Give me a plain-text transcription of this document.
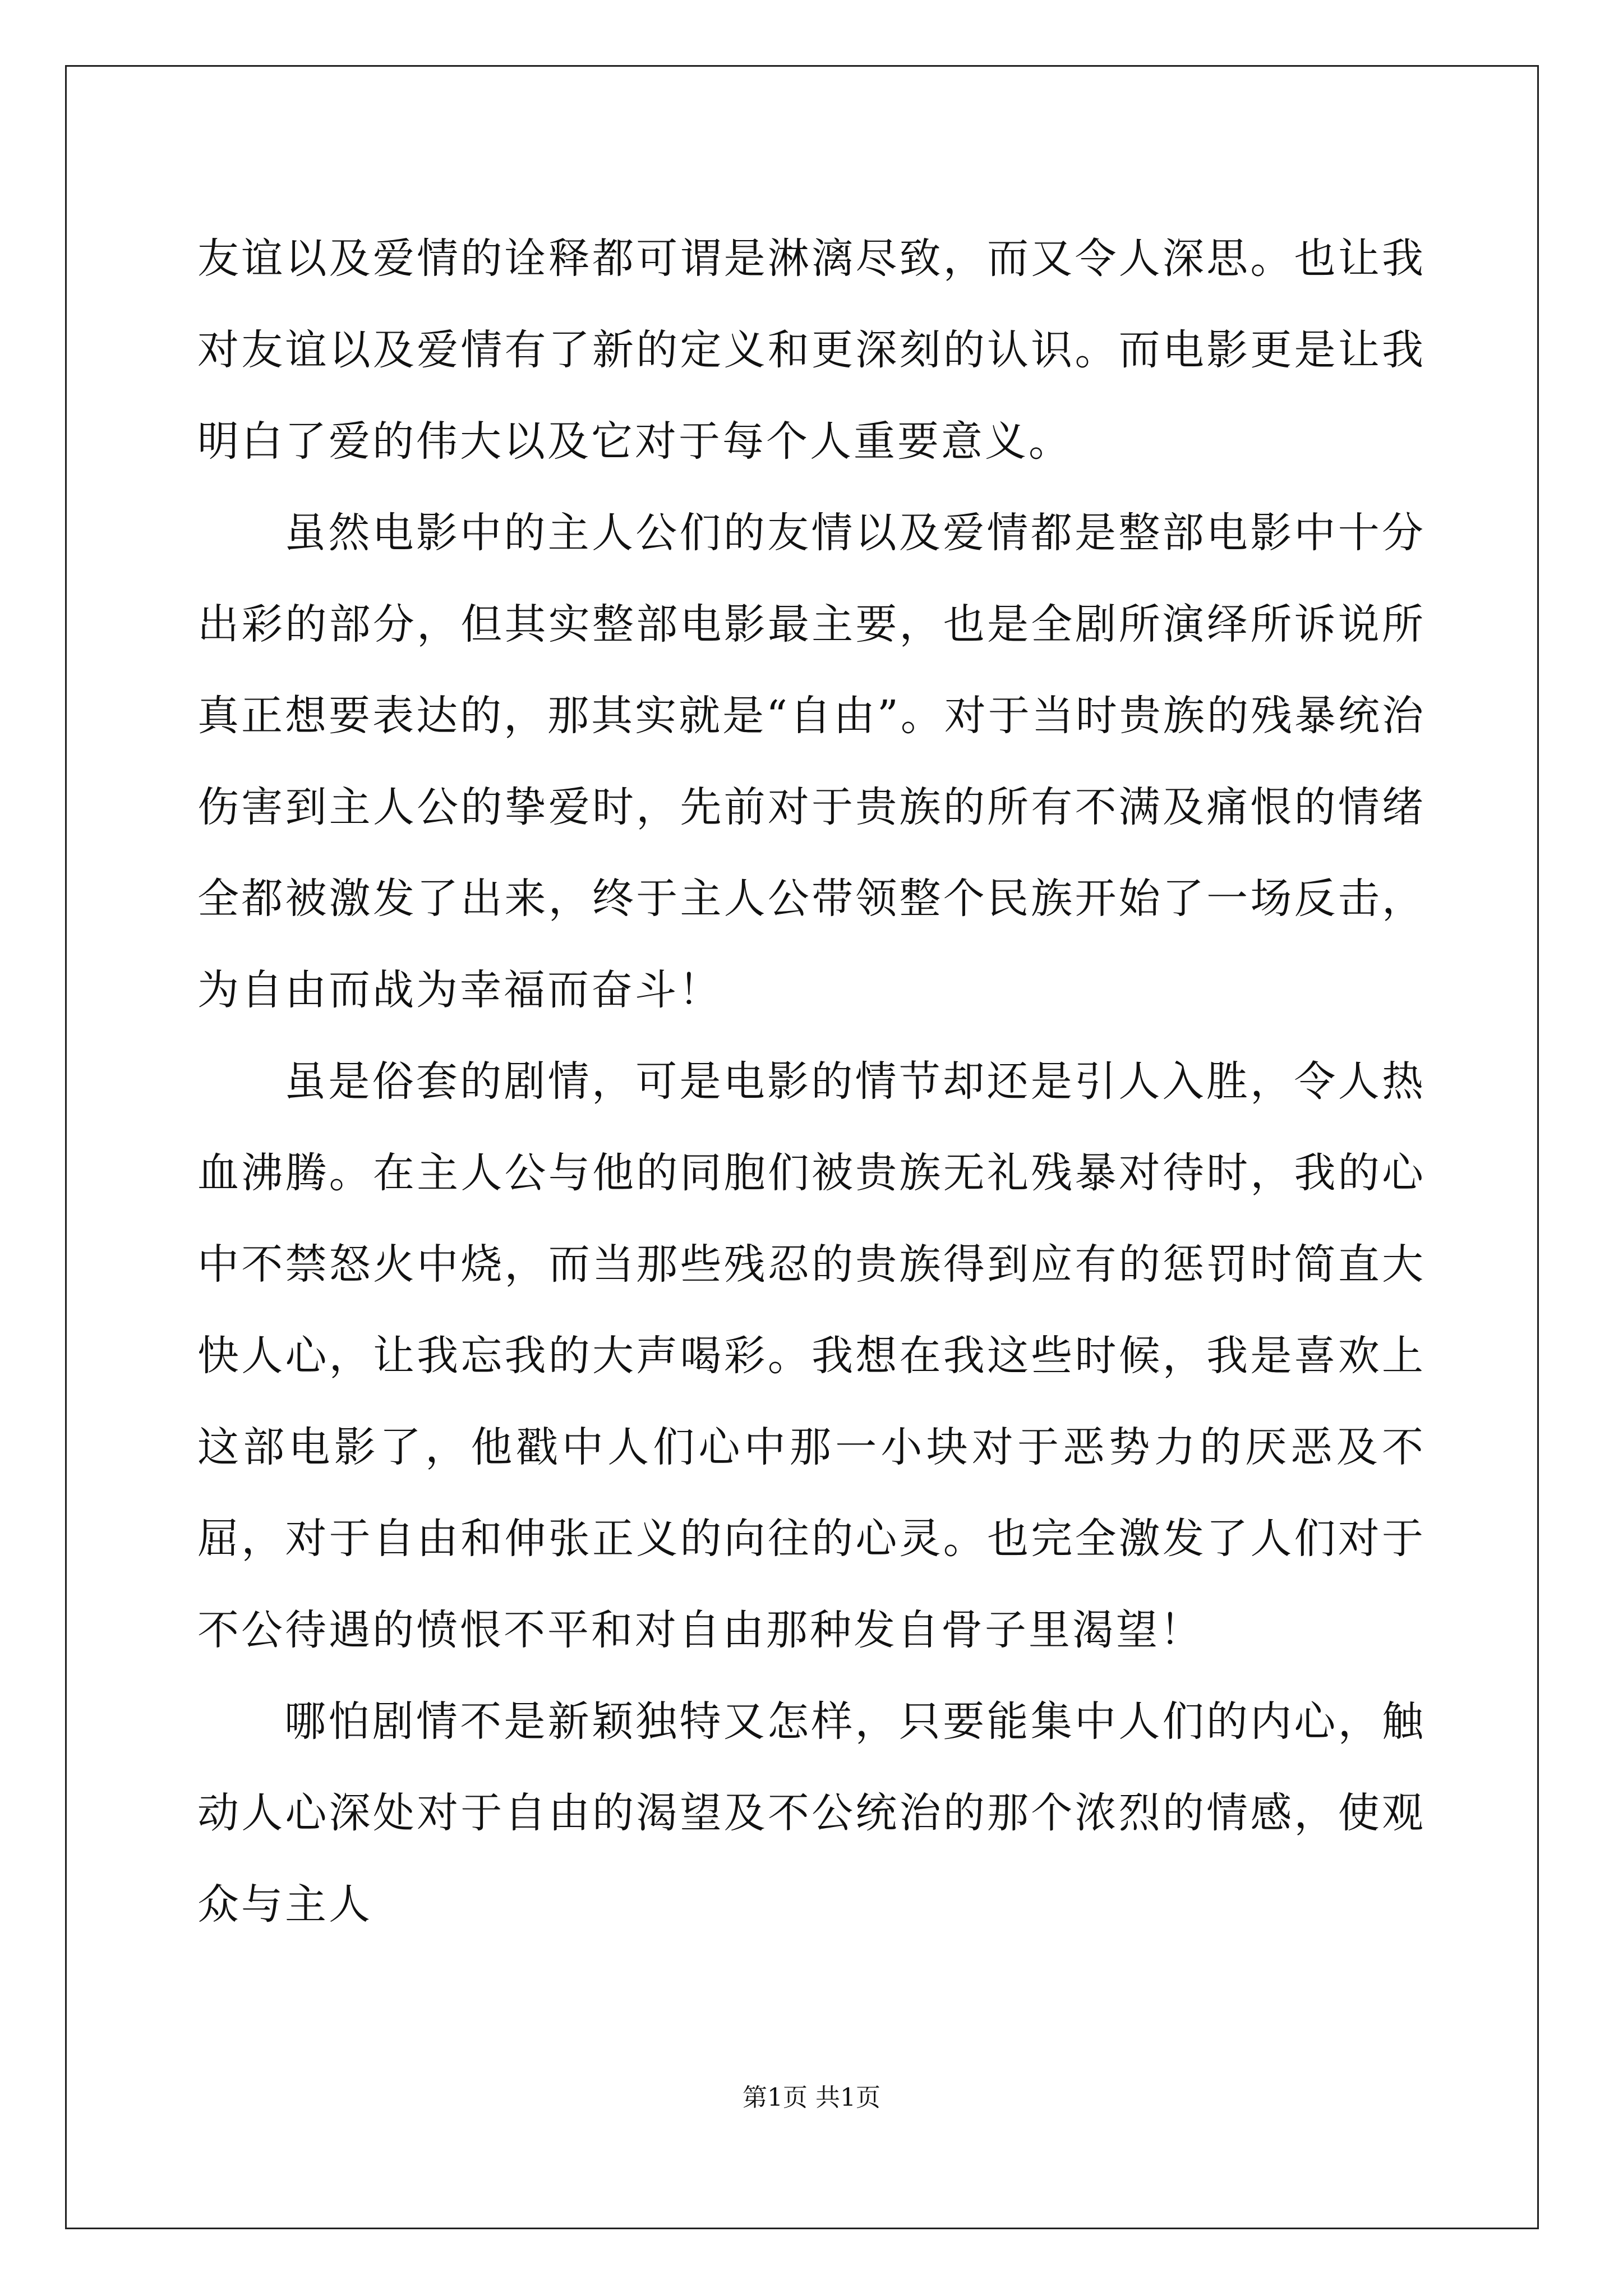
友谊以及爱情的诠释都可谓是淋漓尽致，而又令人深思。也让我对友谊以及爱情有了新的定义和更深刻的认识。而电影更是让我明白了爱的伟大以及它对于每个人重要意义。

虽然电影中的主人公们的友情以及爱情都是整部电影中十分出彩的部分，但其实整部电影最主要，也是全剧所演绎所诉说所真正想要表达的，那其实就是“自由”。对于当时贵族的残暴统治伤害到主人公的挚爱时，先前对于贵族的所有不满及痛恨的情绪全都被激发了出来，终于主人公带领整个民族开始了一场反击，为自由而战为幸福而奋斗！

虽是俗套的剧情，可是电影的情节却还是引人入胜，令人热血沸腾。在主人公与他的同胞们被贵族无礼残暴对待时，我的心中不禁怒火中烧，而当那些残忍的贵族得到应有的惩罚时简直大快人心，让我忘我的大声喝彩。我想在我这些时候，我是喜欢上这部电影了，他戳中人们心中那一小块对于恶势力的厌恶及不屈，对于自由和伸张正义的向往的心灵。也完全激发了人们对于不公待遇的愤恨不平和对自由那种发自骨子里渴望！

哪怕剧情不是新颖独特又怎样，只要能集中人们的内心，触动人心深处对于自由的渴望及不公统治的那个浓烈的情感，使观众与主人

第1页 共1页
